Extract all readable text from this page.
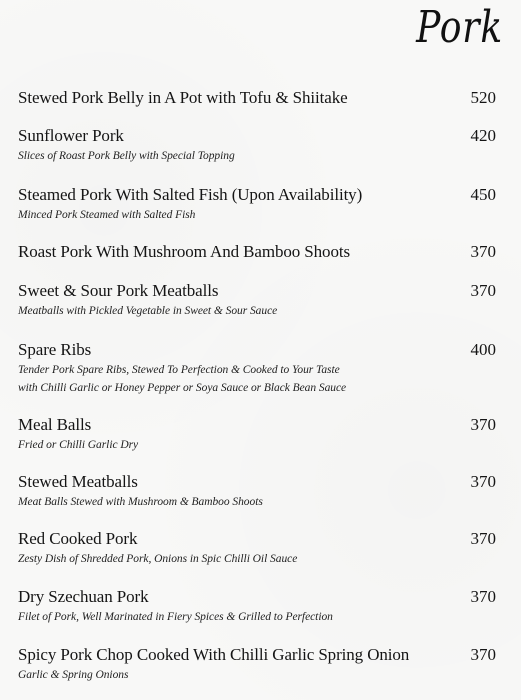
Pork
Stewed Pork Belly in A Pot with Tofu & Shiitake	520
Sunflower Pork
Slices of Roast Pork Belly with Special Topping
420
Steamed Pork With Salted Fish (Upon Availability)
Minced Pork Steamed with Salted Fish
450
Roast Pork With Mushroom And Bamboo Shoots	370
Sweet & Sour Pork Meatballs
Meatballs with Pickled Vegetable in Sweet & Sour Sauce
370
Spare Ribs
Tender Pork Spare Ribs, Stewed To Perfection & Cooked to Your Taste
with Chilli Garlic or Honey Pepper or Soya Sauce or Black Bean Sauce
400
Meal Balls
Fried or Chilli Garlic Dry
370
Stewed Meatballs
Meat Balls Stewed with Mushroom & Bamboo Shoots
370
Red Cooked Pork
Zesty Dish of Shredded Pork, Onions in Spic Chilli Oil Sauce
370
Dry Szechuan Pork
Filet of Pork, Well Marinated in Fiery Spices & Grilled to Perfection
370
Spicy Pork Chop Cooked With Chilli Garlic Spring Onion
Garlic & Spring Onions
370
